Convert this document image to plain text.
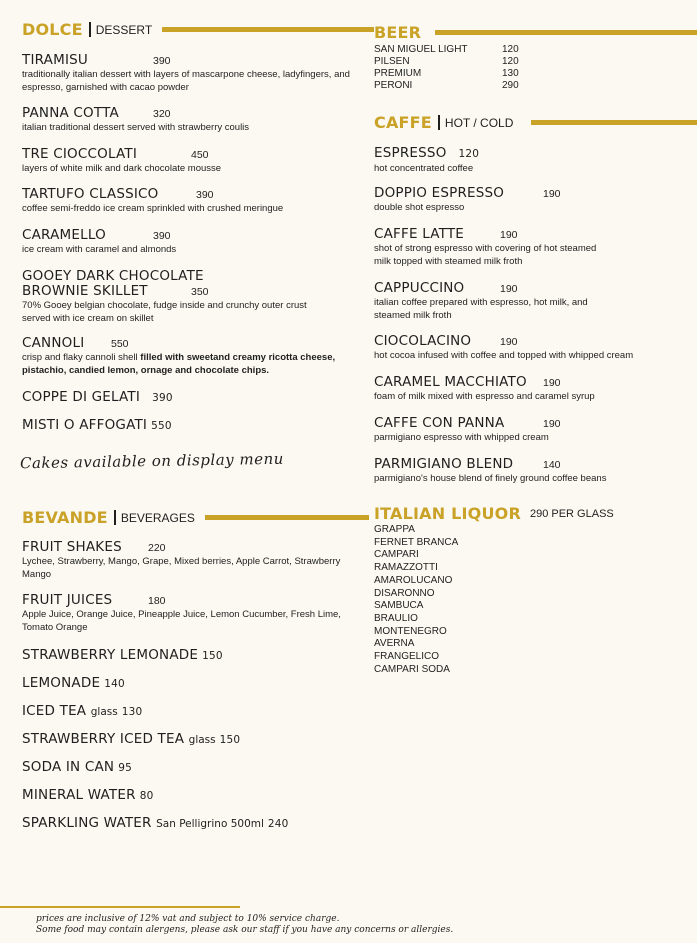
DOLCE DESSERT
TIRAMISU	390
traditionally italian dessert with layers of mascarpone cheese, ladyfingers, and espresso, garnished with cacao powder
PANNA COTTA	320
italian traditional dessert served with strawberry coulis
TRE CIOCCOLATI	450
layers of white milk and dark chocolate mousse
TARTUFO CLASSICO	390
coffee semi-freddo ice cream sprinkled with crushed meringue
CARAMELLO	390
ice cream with caramel and almonds
GOOEY DARK CHOCOLATE
BROWNIE SKILLET	350
70% Gooey belgian chocolate, fudge inside and crunchy outer crust served with ice cream on skillet
CANNOLI	550
crisp and flaky cannoli shell filled with sweetand creamy ricotta cheese, pistachio, candied lemon, ornage and chocolate chips.
COPPE DI GELATI 390
MISTI O AFFOGATI 550
Cakes available on display menu
BEVANDE BEVERAGES
FRUIT SHAKES	220
Lychee, Strawberry, Mango, Grape, Mixed berries, Apple Carrot, Strawberry Mango
FRUIT JUICES	180
Apple Juice, Orange Juice, Pineapple Juice, Lemon Cucumber, Fresh Lime, Tomato Orange
STRAWBERRY LEMONADE 150
LEMONADE 140
ICED TEA glass 130
STRAWBERRY ICED TEA glass 150
SODA IN CAN 95
MINERAL WATER 80
SPARKLING WATER San Pelligrino 500ml 240
BEER
SAN MIGUEL LIGHT	120
PILSEN	120
PREMIUM	130
PERONI	290
CAFFE HOT / COLD
ESPRESSO 120
hot concentrated coffee
DOPPIO ESPRESSO	190
double shot espresso
CAFFE LATTE	190
shot of strong espresso with covering of hot steamed milk topped with steamed milk froth
CAPPUCCINO	190
italian coffee prepared with espresso, hot milk, and steamed milk froth
CIOCOLACINO	190
hot cocoa infused with coffee and topped with whipped cream
CARAMEL MACCHIATO	190
foam of milk mixed with espresso and caramel syrup
CAFFE CON PANNA	190
parmigiano espresso with whipped cream
PARMIGIANO BLEND	140
parmigiano's house blend of finely ground coffee beans
ITALIAN LIQUOR 290 PER GLASS
GRAPPA
FERNET BRANCA
CAMPARI
RAMAZZOTTI
AMAROLUCANO
DISARONNO
SAMBUCA
BRAULIO
MONTENEGRO
AVERNA
FRANGELICO
CAMPARI SODA
prices are inclusive of 12% vat and subject to 10% service charge.
Some food may contain alergens, please ask our staff if you have any concerns or allergies.
